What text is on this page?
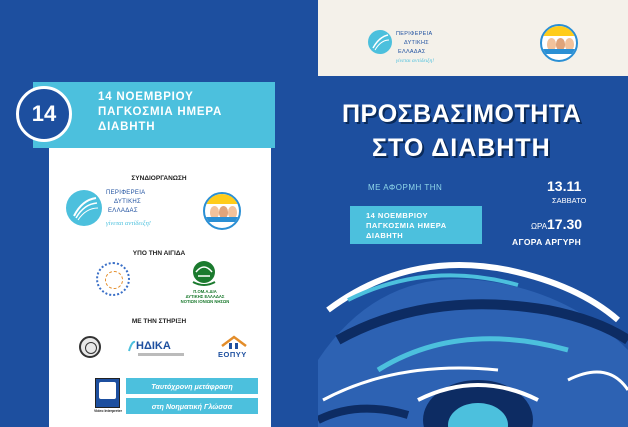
14
14 ΝΟΕΜΒΡΙΟΥ
ΠΑΓΚΟΣΜΙΑ ΗΜΕΡΑ
ΔΙΑΒΗΤΗ
ΣΥΝΔΙΟΡΓΑΝΩΣΗ
ΠΕΡΙΦΕΡΕΙΑ
ΔΥΤΙΚΗΣ
ΕΛΛΑΔΑΣ
γίνεται αντίδειξη!
ΥΠΟ ΤΗΝ ΑΙΓΙΔΑ
Π.ΟΜ.Α.ΔΙΑ
ΔΥΤΙΚΗΣ ΕΛΛΑΔΑΣ
ΝΟΤΙΩΝ ΙΟΝΙΩΝ ΝΗΣΩΝ
ΜΕ ΤΗΝ ΣΤΗΡΙΞΗ
ΗΔΙΚΑ
ΕΟΠΥΥ
Video Interpreter
Ταυτόχρονη μετάφραση
στη Νοηματική Γλώσσα
ΠΕΡΙΦΕΡΕΙΑ
ΔΥΤΙΚΗΣ
ΕΛΛΑΔΑΣ
γίνεται αντίδειξη!
ΠΡΟΣΒΑΣΙΜΟΤΗΤΑ
ΣΤΟ ΔΙΑΒΗΤΗ
ΜΕ ΑΦΟΡΜΗ ΤΗΝ
14 ΝΟΕΜΒΡΙΟΥ
ΠΑΓΚΟΣΜΙΑ ΗΜΕΡΑ
ΔΙΑΒΗΤΗ
13.11
ΣΑΒΒΑΤΟ
ΩΡΑ 17.30
ΑΓΟΡΑ ΑΡΓΥΡΗ
